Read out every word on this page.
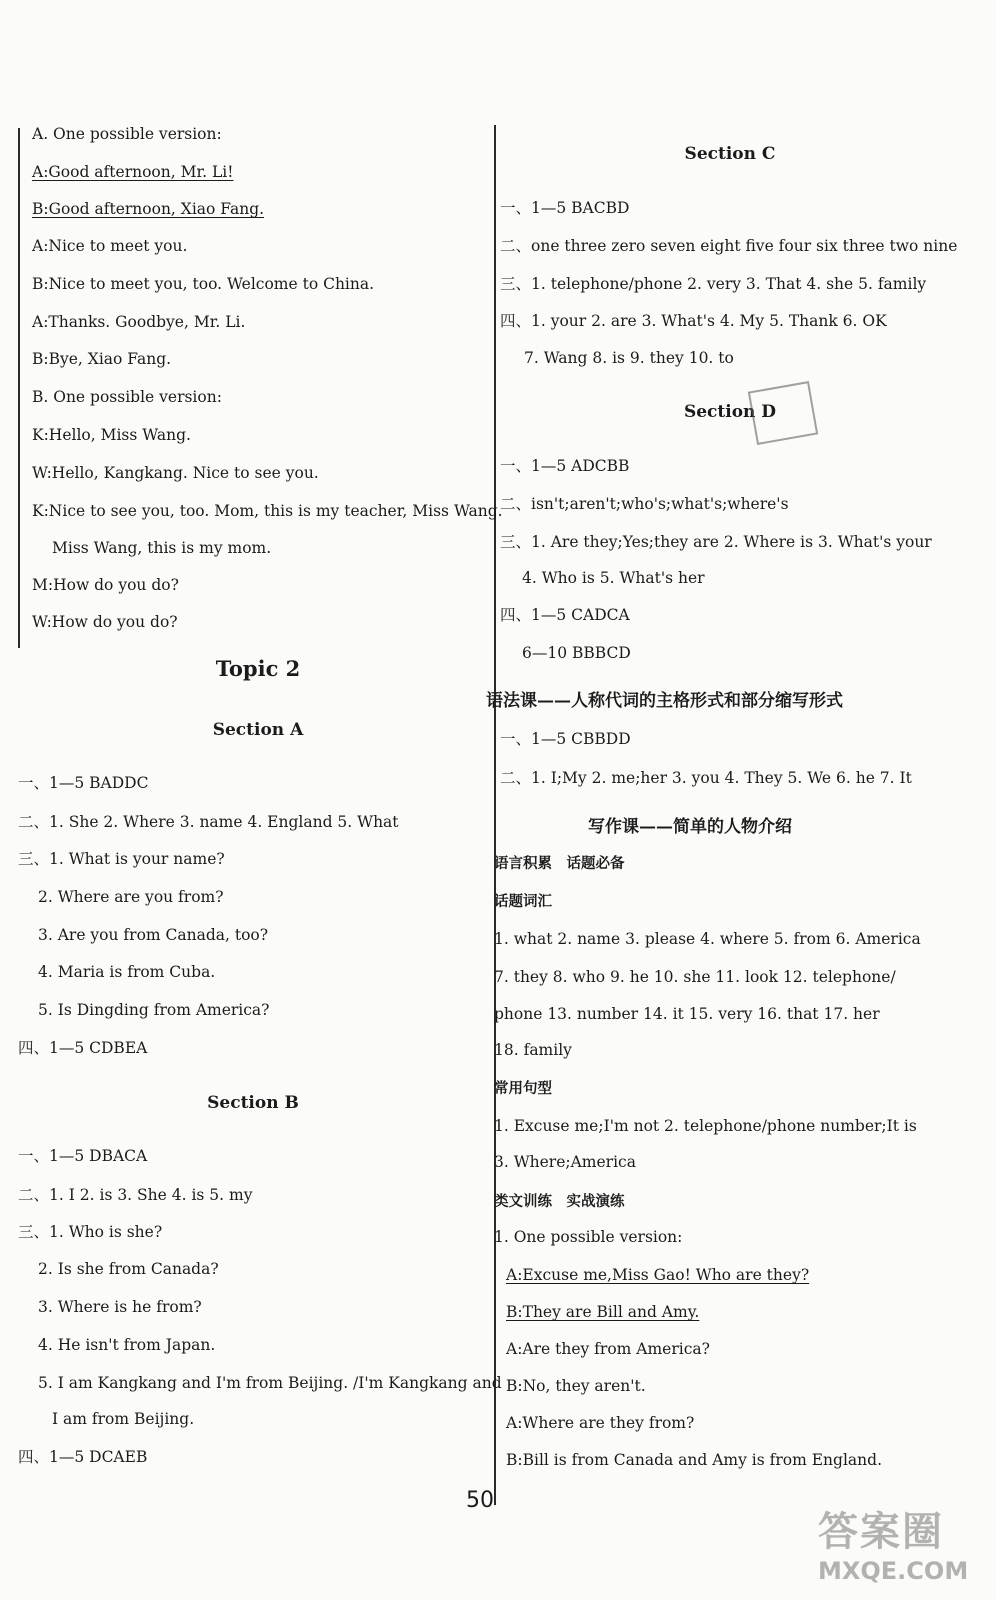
A. One possible version:
A:Good afternoon, Mr. Li!
B:Good afternoon, Xiao Fang.
A:Nice to meet you.
B:Nice to meet you, too. Welcome to China.
A:Thanks. Goodbye, Mr. Li.
B:Bye, Xiao Fang.
B. One possible version:
K:Hello, Miss Wang.
W:Hello, Kangkang. Nice to see you.
K:Nice to see you, too. Mom, this is my teacher, Miss Wang.
Miss Wang, this is my mom.
M:How do you do?
W:How do you do?
Topic 2
Section A
一、1—5 BADDC
二、1. She 2. Where 3. name 4. England 5. What
三、1. What is your name?
2. Where are you from?
3. Are you from Canada, too?
4. Maria is from Cuba.
5. Is Dingding from America?
四、1—5 CDBEA
Section B
一、1—5 DBACA
二、1. I 2. is 3. She 4. is 5. my
三、1. Who is she?
2. Is she from Canada?
3. Where is he from?
4. He isn't from Japan.
5. I am Kangkang and I'm from Beijing. /I'm Kangkang and
I am from Beijing.
四、1—5 DCAEB
Section C
一、1—5 BACBD
二、one three zero seven eight five four six three two nine
三、1. telephone/phone 2. very 3. That 4. she 5. family
四、1. your 2. are 3. What's 4. My 5. Thank 6. OK
7. Wang 8. is 9. they 10. to
Section D
一、1—5 ADCBB
二、isn't;aren't;who's;what's;where's
三、1. Are they;Yes;they are 2. Where is 3. What's your
4. Who is 5. What's her
四、1—5 CADCA
6—10 BBBCD
语法课——人称代词的主格形式和部分缩写形式
一、1—5 CBBDD
二、1. I;My 2. me;her 3. you 4. They 5. We 6. he 7. It
写作课——简单的人物介绍
语言积累　话题必备
话题词汇
1. what 2. name 3. please 4. where 5. from 6. America
7. they 8. who 9. he 10. she 11. look 12. telephone/
phone 13. number 14. it 15. very 16. that 17. her
18. family
常用句型
1. Excuse me;I'm not 2. telephone/phone number;It is
3. Where;America
类文训练　实战演练
1. One possible version:
A:Excuse me,Miss Gao! Who are they?
B:They are Bill and Amy.
A:Are they from America?
B:No, they aren't.
A:Where are they from?
B:Bill is from Canada and Amy is from England.
50
答案圈
MXQE.COM
